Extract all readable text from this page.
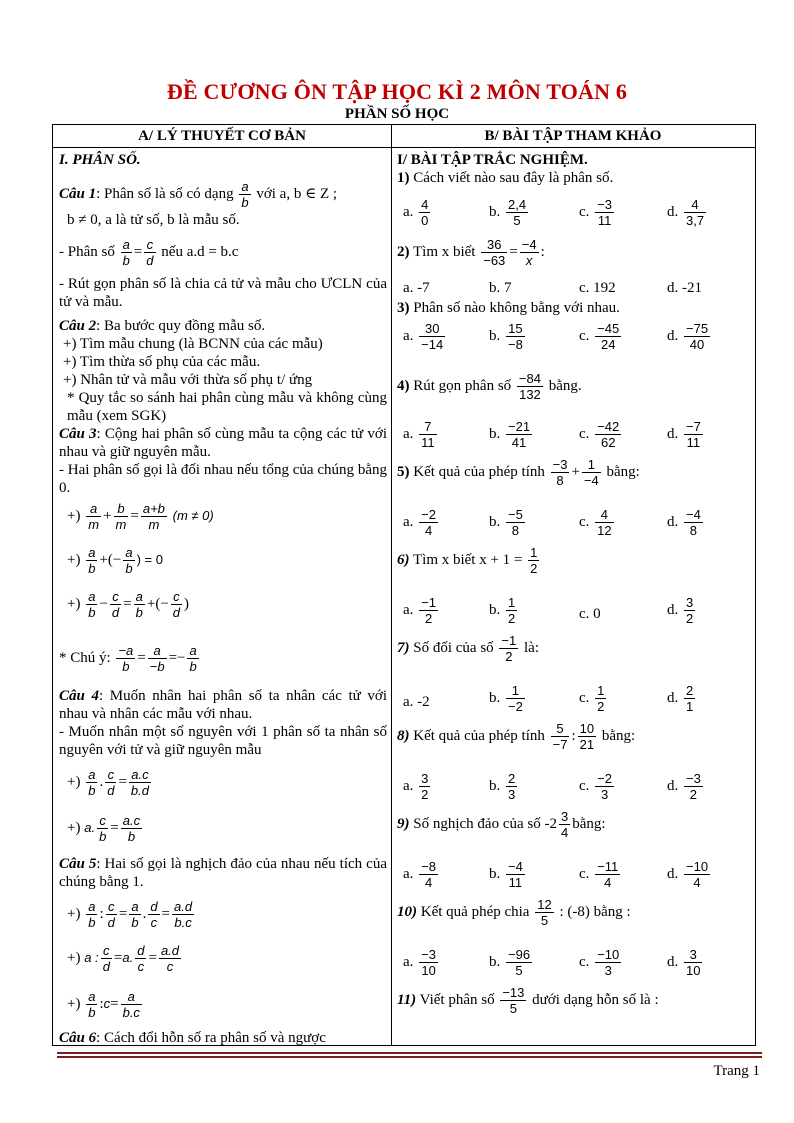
ĐỀ CƯƠNG ÔN TẬP HỌC KÌ 2 MÔN TOÁN 6
PHẦN SỐ HỌC
A/ LÝ THUYẾT CƠ BẢN	B/ BÀI TẬP THAM KHẢO
I. PHÂN SỐ.
Câu 1: Phân số là số có dạng $\frac{a}{b}$ với a, b ∈ Z ;
b ≠ 0, a là tử số, b là mẫu số.
- Phân số $\frac{a}{b} = \frac{c}{d}$ nếu a.d = b.c
- Rút gọn phân số là chia cả tử và mẫu cho ƯCLN của tử và mẫu.
Câu 2: Ba bước quy đồng mẫu số.
+) Tìm mẫu chung (là BCNN của các mẫu)
+) Tìm thừa số phụ của các mẫu.
+) Nhân tử và mẫu với thừa số phụ t/ ứng
* Quy tắc so sánh hai phân cùng mẫu và không cùng mẫu (xem SGK)
Câu 3: Cộng hai phân số cùng mẫu ta cộng các tử với nhau và giữ nguyên mẫu.
- Hai phân số gọi là đối nhau nếu tổng của chúng bằng 0.
+) $\frac{a}{m} + \frac{b}{m} = \frac{a+b}{m} (m \ne 0)$
+) $\frac{a}{b}$ +(− $\frac{a}{b}$ ) = 0
+) $\frac{a}{b} - \frac{c}{d} = \frac{a}{b}$ +(− $\frac{c}{d}$ )
* Chú ý: $\frac{-a}{b} = \frac{a}{-b} =- \frac{a}{b}$
Câu 4: Muốn nhân hai phân số ta nhân các tử với nhau và nhân các mẫu với nhau.
- Muốn nhân một số nguyên với 1 phân số ta nhân số nguyên với tử và giữ nguyên mẫu
+) $\frac{a}{b}$ . $\frac{c}{d} = \frac{a.c}{b.d}$
+) a. $\frac{c}{b} = \frac{a.c}{b}$
Câu 5: Hai số gọi là nghịch đảo của nhau nếu tích của chúng bằng 1.
+) $\frac{a}{b}$ : $\frac{c}{d} = \frac{a}{b}$ . $\frac{d}{c} = \frac{a.d}{b.c}$
+) a : $\frac{c}{d} =a$. $\frac{d}{c} = \frac{a.d}{c}$
+) $\frac{a}{b}$ :c= $\frac{a}{b.c}$
Câu 6: Cách đổi hỗn số ra phân số và ngược
I/ BÀI TẬP TRẮC NGHIỆM.
1) Cách viết nào sau đây là phân số.
a. $\frac{4}{0}$	b. $\frac{2,4}{5}$	c. $\frac{-3}{11}$	d. $\frac{4}{3,7}$
2) Tìm x biết $\frac{36}{-63} = \frac{-4}{x}$ :
a. -7	b. 7	c. 192	d. -21
3) Phân số nào không bằng với nhau.
a. $\frac{30}{-14}$	b. $\frac{15}{-8}$	c. $\frac{-45}{24}$	d. $\frac{-75}{40}$
4) Rút gọn phân số $\frac{-84}{132}$ bằng.
a. $\frac{7}{11}$	b. $\frac{-21}{41}$	c. $\frac{-42}{62}$	d. $\frac{-7}{11}$
5) Kết quả của phép tính $\frac{-3}{8} + \frac{1}{-4}$ bằng:
a. $\frac{-2}{4}$	b. $\frac{-5}{8}$	c. $\frac{4}{12}$	d. $\frac{-4}{8}$
6) Tìm x biết $x + 1 = \frac{1}{2}$
a. $\frac{-1}{2}$	b. $\frac{1}{2}$	c. 0	d. $\frac{3}{2}$
7) Số đối của số $\frac{-1}{2}$ là:
a. -2	b. $\frac{1}{-2}$	c. $\frac{1}{2}$	d. $\frac{2}{1}$
8) Kết quả của phép tính $\frac{5}{-7}$ : $\frac{10}{21}$ bằng:
a. $\frac{3}{2}$	b. $\frac{2}{3}$	c. $\frac{-2}{3}$	d. $\frac{-3}{2}$
9) Số nghịch đảo của số $-2 \frac{3}{4}$ bằng:
a. $\frac{-8}{4}$	b. $\frac{-4}{11}$	c. $\frac{-11}{4}$	d. $\frac{-10}{4}$
10) Kết quả phép chia $\frac{12}{5}$ : (-8) bằng :
a. $\frac{-3}{10}$	b. $\frac{-96}{5}$	c. $\frac{-10}{3}$	d. $\frac{3}{10}$
11) Viết phân số $\frac{-13}{5}$ dưới dạng hỗn số là :
Trang 1
